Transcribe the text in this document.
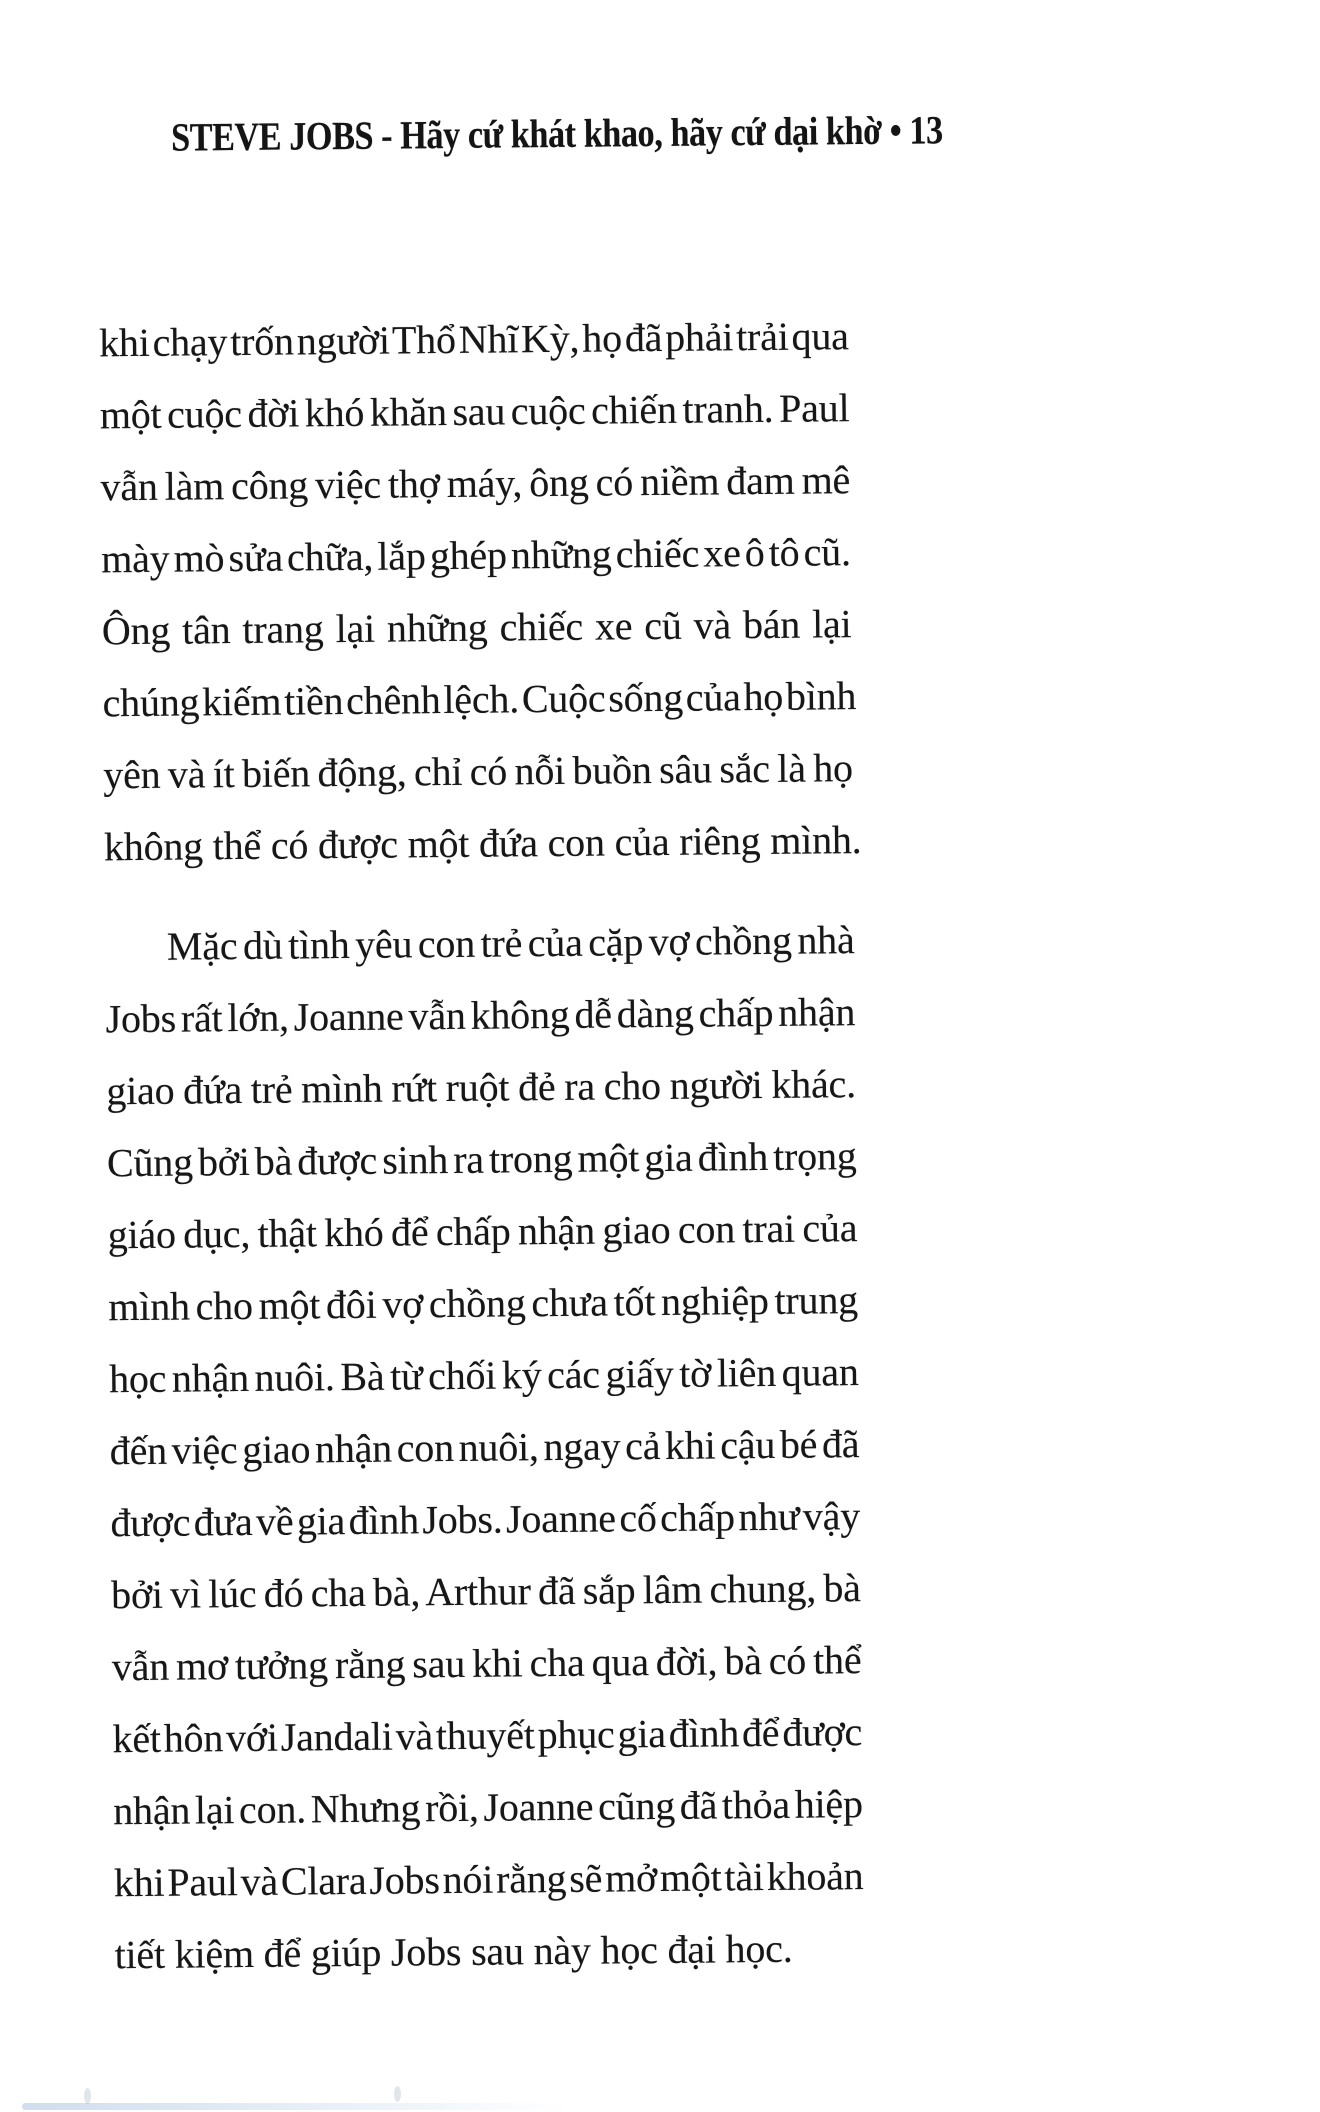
STEVE JOBS - Hãy cứ khát khao, hãy cứ dại khờ • 13
khi chạy trốn người Thổ Nhĩ Kỳ, họ đã phải trải qua
một cuộc đời khó khăn sau cuộc chiến tranh. Paul
vẫn làm công việc thợ máy, ông có niềm đam mê
mày mò sửa chữa, lắp ghép những chiếc xe ô tô cũ.
Ông tân trang lại những chiếc xe cũ và bán lại
chúng kiếm tiền chênh lệch. Cuộc sống của họ bình
yên và ít biến động, chỉ có nỗi buồn sâu sắc là họ
không thể có được một đứa con của riêng mình.
Mặc dù tình yêu con trẻ của cặp vợ chồng nhà
Jobs rất lớn, Joanne vẫn không dễ dàng chấp nhận
giao đứa trẻ mình rứt ruột đẻ ra cho người khác.
Cũng bởi bà được sinh ra trong một gia đình trọng
giáo dục, thật khó để chấp nhận giao con trai của
mình cho một đôi vợ chồng chưa tốt nghiệp trung
học nhận nuôi. Bà từ chối ký các giấy tờ liên quan
đến việc giao nhận con nuôi, ngay cả khi cậu bé đã
được đưa về gia đình Jobs. Joanne cố chấp như vậy
bởi vì lúc đó cha bà, Arthur đã sắp lâm chung, bà
vẫn mơ tưởng rằng sau khi cha qua đời, bà có thể
kết hôn với Jandali và thuyết phục gia đình để được
nhận lại con. Nhưng rồi, Joanne cũng đã thỏa hiệp
khi Paul và Clara Jobs nói rằng sẽ mở một tài khoản
tiết kiệm để giúp Jobs sau này học đại học.
